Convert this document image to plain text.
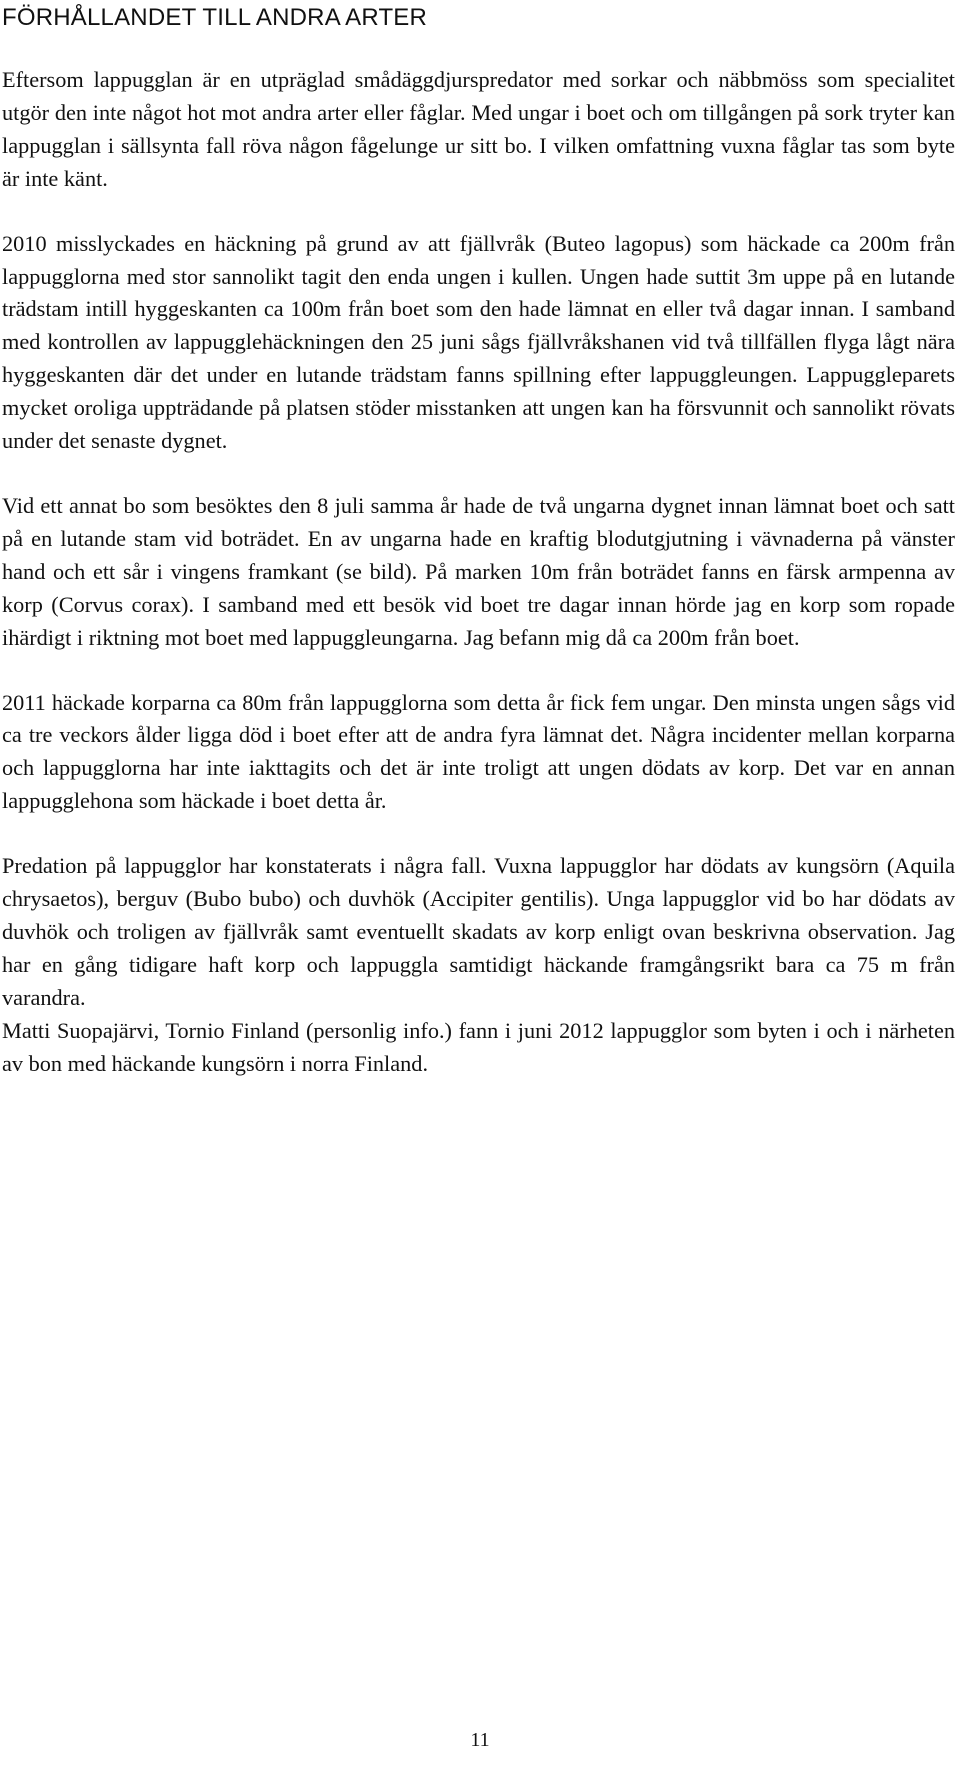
FÖRHÅLLANDET TILL ANDRA ARTER

Eftersom lappugglan är en utpräglad smådäggdjurspredator med sorkar och näbbmöss som specialitet utgör den inte något hot mot andra arter eller fåglar. Med ungar i boet och om tillgången på sork tryter kan lappugglan i sällsynta fall röva någon fågelunge ur sitt bo. I vilken omfattning vuxna fåglar tas som byte är inte känt.

2010 misslyckades en häckning på grund av att fjällvråk (Buteo lagopus) som häckade ca 200m från lappugglorna med stor sannolikt tagit den enda ungen i kullen. Ungen hade suttit 3m uppe på en lutande trädstam intill hyggeskanten ca 100m från boet som den hade lämnat en eller två dagar innan. I samband med kontrollen av lappugglehäckningen den 25 juni sågs fjällvråkshanen vid två tillfällen flyga lågt nära hyggeskanten där det under en lutande trädstam fanns spillning efter lappuggleungen. Lappuggleparets mycket oroliga uppträdande på platsen stöder misstanken att ungen kan ha försvunnit och sannolikt rövats under det senaste dygnet.

Vid ett annat bo som besöktes den 8 juli samma år hade de två ungarna dygnet innan lämnat boet och satt på en lutande stam vid boträdet. En av ungarna hade en kraftig blodutgjutning i vävnaderna på vänster hand och ett sår i vingens framkant (se bild). På marken 10m från boträdet fanns en färsk armpenna av korp (Corvus corax). I samband med ett besök vid boet tre dagar innan hörde jag en korp som ropade ihärdigt i riktning mot boet med lappuggleungarna. Jag befann mig då ca 200m från boet.

2011 häckade korparna ca 80m från lappugglorna som detta år fick fem ungar. Den minsta ungen sågs vid ca tre veckors ålder ligga död i boet efter att de andra fyra lämnat det. Några incidenter mellan korparna och lappugglorna har inte iakttagits och det är inte troligt att ungen dödats av korp. Det var en annan lappugglehona som häckade i boet detta år.

Predation på lappugglor har konstaterats i några fall. Vuxna lappugglor har dödats av kungsörn (Aquila chrysaetos), berguv (Bubo bubo) och duvhök (Accipiter gentilis). Unga lappugglor vid bo har dödats av duvhök och troligen av fjällvråk samt eventuellt skadats av korp enligt ovan beskrivna observation. Jag har en gång tidigare haft korp och lappuggla samtidigt häckande framgångsrikt bara ca 75 m från varandra.

Matti Suopajärvi, Tornio Finland (personlig info.) fann i juni 2012 lappugglor som byten i och i närheten av bon med häckande kungsörn i norra Finland.

11
